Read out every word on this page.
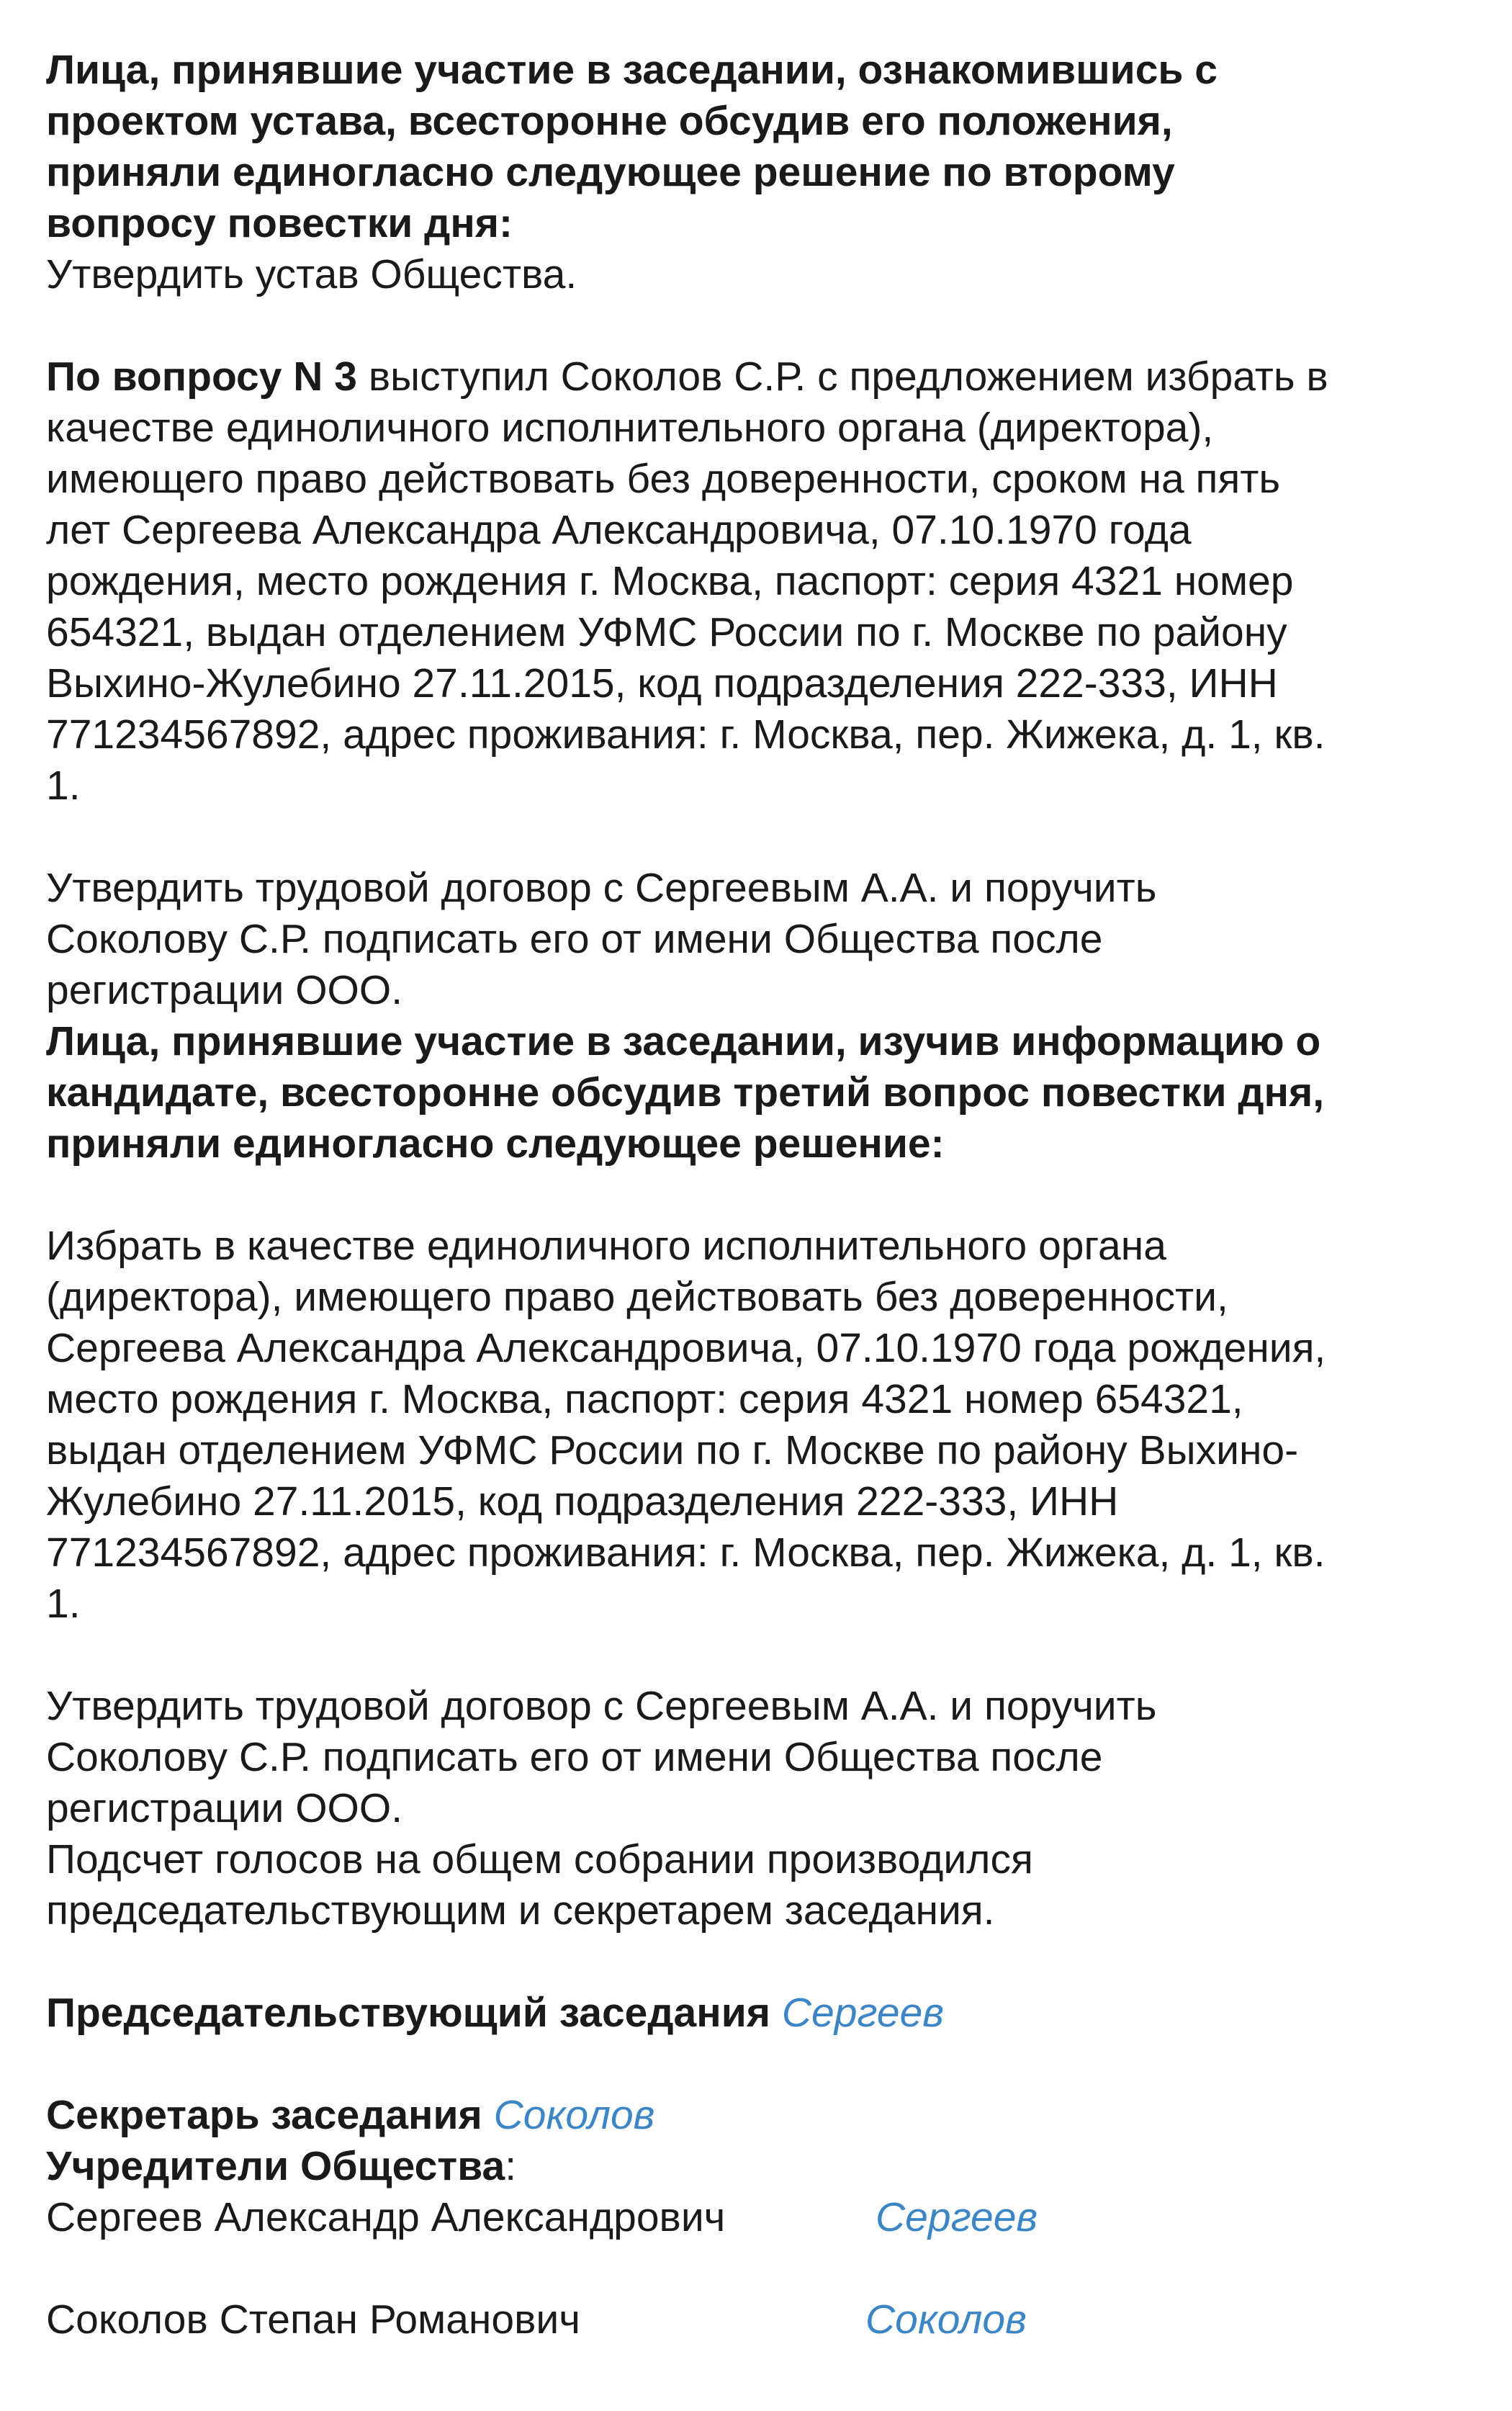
Лица, принявшие участие в заседании, ознакомившись с

проектом устава, всесторонне обсудив его положения,

приняли единогласно следующее решение по второму

вопросу повестки дня:

Утвердить устав Общества.

По вопросу N 3 выступил Соколов С.Р. с предложением избрать в

качестве единоличного исполнительного органа (директора),

имеющего право действовать без доверенности, сроком на пять

лет Сергеева Александра Александровича, 07.10.1970 года

рождения, место рождения г. Москва, паспорт: серия 4321 номер

654321, выдан отделением УФМС России по г. Москве по району

Выхино-Жулебино 27.11.2015, код подразделения 222-333, ИНН

771234567892, адрес проживания: г. Москва, пер. Жижека, д. 1, кв.

1.

Утвердить трудовой договор с Сергеевым А.А. и поручить

Соколову С.Р. подписать его от имени Общества после

регистрации ООО.

Лица, принявшие участие в заседании, изучив информацию о

кандидате, всесторонне обсудив третий вопрос повестки дня,

приняли единогласно следующее решение:

Избрать в качестве единоличного исполнительного органа

(директора), имеющего право действовать без доверенности,

Сергеева Александра Александровича, 07.10.1970 года рождения,

место рождения г. Москва, паспорт: серия 4321 номер 654321,

выдан отделением УФМС России по г. Москве по району Выхино-

Жулебино 27.11.2015, код подразделения 222-333, ИНН

771234567892, адрес проживания: г. Москва, пер. Жижека, д. 1, кв.

1.

Утвердить трудовой договор с Сергеевым А.А. и поручить

Соколову С.Р. подписать его от имени Общества после

регистрации ООО.

Подсчет голосов на общем собрании производился

председательствующим и секретарем заседания.

Председательствующий заседания Сергеев

Секретарь заседания Соколов

Учредители Общества:

Сергеев Александр Александрович	Сергеев
Соколов Степан Романович	Соколов
